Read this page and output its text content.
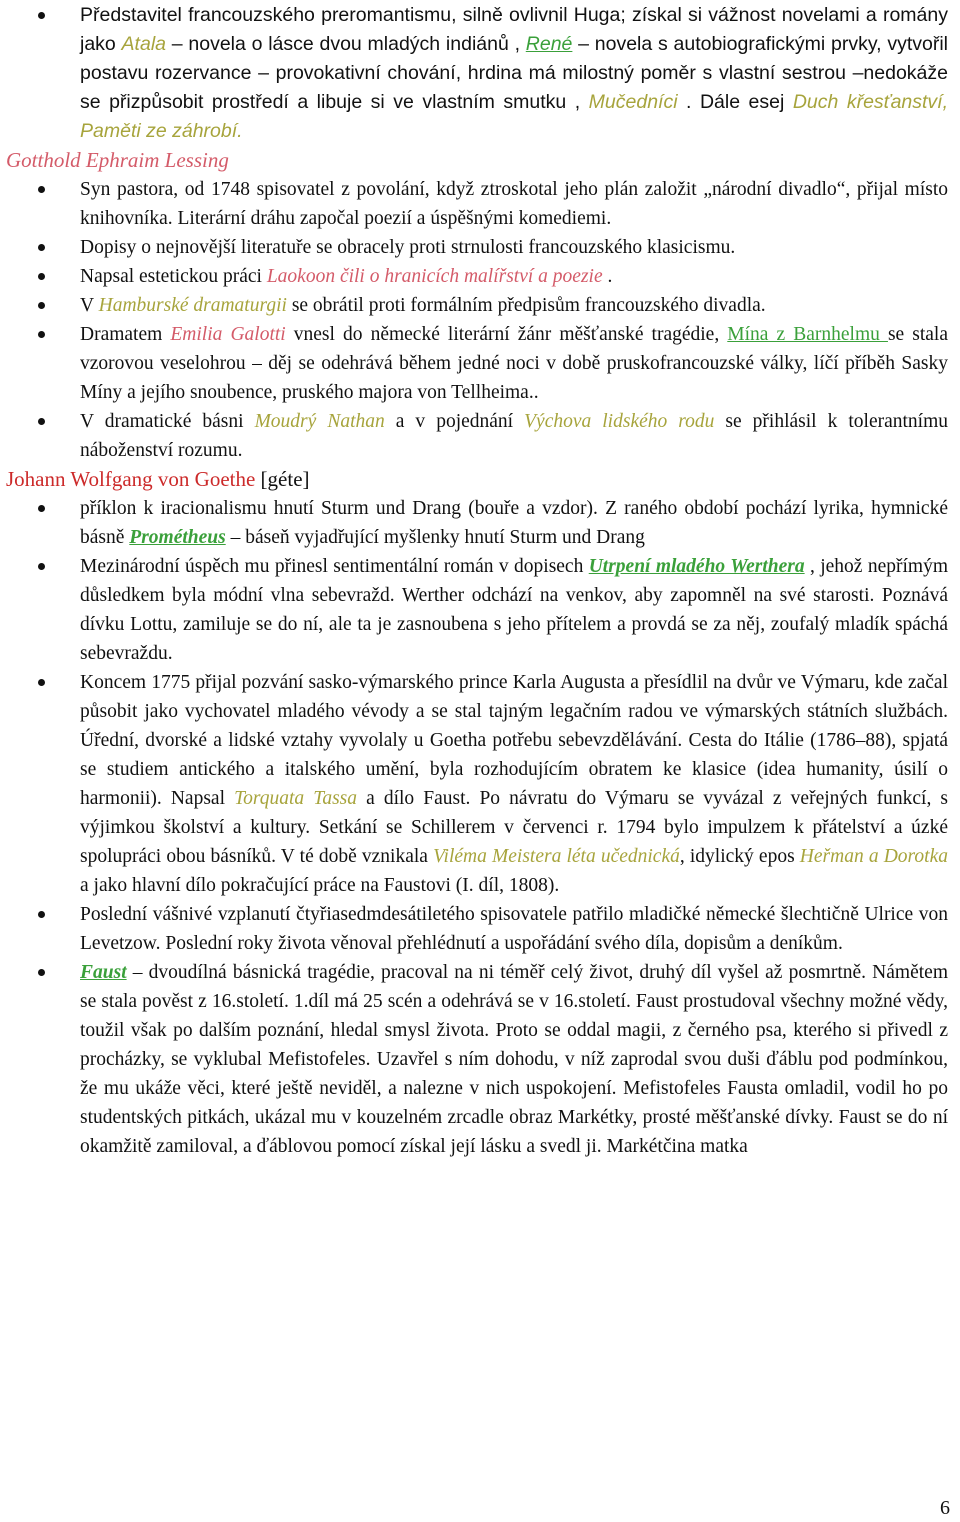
Představitel francouzského preromantismu, silně ovlivnil Huga; získal si vážnost novelami a romány jako Atala – novela o lásce dvou mladých indiánů , René – novela s autobiografickými prvky, vytvořil postavu rozervance – provokativní chování, hrdina má milostný poměr s vlastní sestrou –nedokáže se přizpůsobit prostředí a libuje si ve vlastním smutku , Mučedníci . Dále esej Duch křesťanství, Paměti ze záhrobí.
Gotthold Ephraim Lessing
Syn pastora, od 1748 spisovatel z povolání, když ztroskotal jeho plán založit „národní divadlo“, přijal místo knihovníka. Literární dráhu započal poezií a úspěšnými komediemi.
Dopisy o nejnovější literatuře se obracely proti strnulosti francouzského klasicismu.
Napsal estetickou práci Laokoon čili o hranicích malířství a poezie .
V Hamburské dramaturgii se obrátil proti formálním předpisům francouzského divadla.
Dramatem Emilia Galotti vnesl do německé literární žánr měšťanské tragédie, Mína z Barnhelmu se stala vzorovou veselohrou – děj se odehrává během jedné noci v době pruskofrancouzské války, líčí příběh Sasky Míny a jejího snoubence, pruského majora von Tellheima..
V dramatické básni Moudrý Nathan a v pojednání Výchova lidského rodu se přihlásil k tolerantnímu náboženství rozumu.
Johann Wolfgang von Goethe [géte]
příklon k iracionalismu hnutí Sturm und Drang (bouře a vzdor). Z raného období pochází lyrika, hymnické básně Prométheus – báseň vyjadřující myšlenky hnutí Sturm und Drang
Mezinárodní úspěch mu přinesl sentimentální román v dopisech Utrpení mladého Werthera , jehož nepřímým důsledkem byla módní vlna sebevražd. Werther odchází na venkov, aby zapomněl na své starosti. Poznává dívku Lottu, zamiluje se do ní, ale ta je zasnoubena s jeho přítelem a provdá se za něj, zoufalý mladík spáchá sebevraždu.
Koncem 1775 přijal pozvání sasko-výmarského prince Karla Augusta a přesídlil na dvůr ve Výmaru, kde začal působit jako vychovatel mladého vévody a se stal tajným legačním radou ve výmarských státních službách. Úřední, dvorské a lidské vztahy vyvolaly u Goetha potřebu sebevzdělávání. Cesta do Itálie (1786–88), spjatá se studiem antického a italského umění, byla rozhodujícím obratem ke klasice (idea humanity, úsilí o harmonii). Napsal Torquata Tassa a dílo Faust. Po návratu do Výmaru se vyvázal z veřejných funkcí, s výjimkou školství a kultury. Setkání se Schillerem v červenci r. 1794 bylo impulzem k přátelství a úzké spolupráci obou básníků. V té době vznikala Viléma Meistera léta učednická, idylický epos Heřman a Dorotka a jako hlavní dílo pokračující práce na Faustovi (I. díl, 1808).
Poslední vášnivé vzplanutí čtyřiasedmdesátiletého spisovatele patřilo mladičké německé šlechtičně Ulrice von Levetzow. Poslední roky života věnoval přehlédnutí a uspořádání svého díla, dopisům a deníkům.
Faust – dvoudílná básnická tragédie, pracoval na ni téměř celý život, druhý díl vyšel až posmrtně. Námětem se stala pověst z 16.století. 1.díl má 25 scén a odehrává se v 16.století. Faust prostudoval všechny možné vědy, toužil však po dalším poznání, hledal smysl života. Proto se oddal magii, z černého psa, kterého si přivedl z procházky, se vyklubal Mefistofeles. Uzavřel s ním dohodu, v níž zaprodal svou duši ďáblu pod podmínkou, že mu ukáže věci, které ještě neviděl, a nalezne v nich uspokojení. Mefistofeles Fausta omladil, vodil ho po studentských pitkách, ukázal mu v kouzelném zrcadle obraz Markétky, prosté měšťanské dívky. Faust se do ní okamžitě zamiloval, a ďáblovou pomocí získal její lásku a svedl ji. Markétčina matka
6
